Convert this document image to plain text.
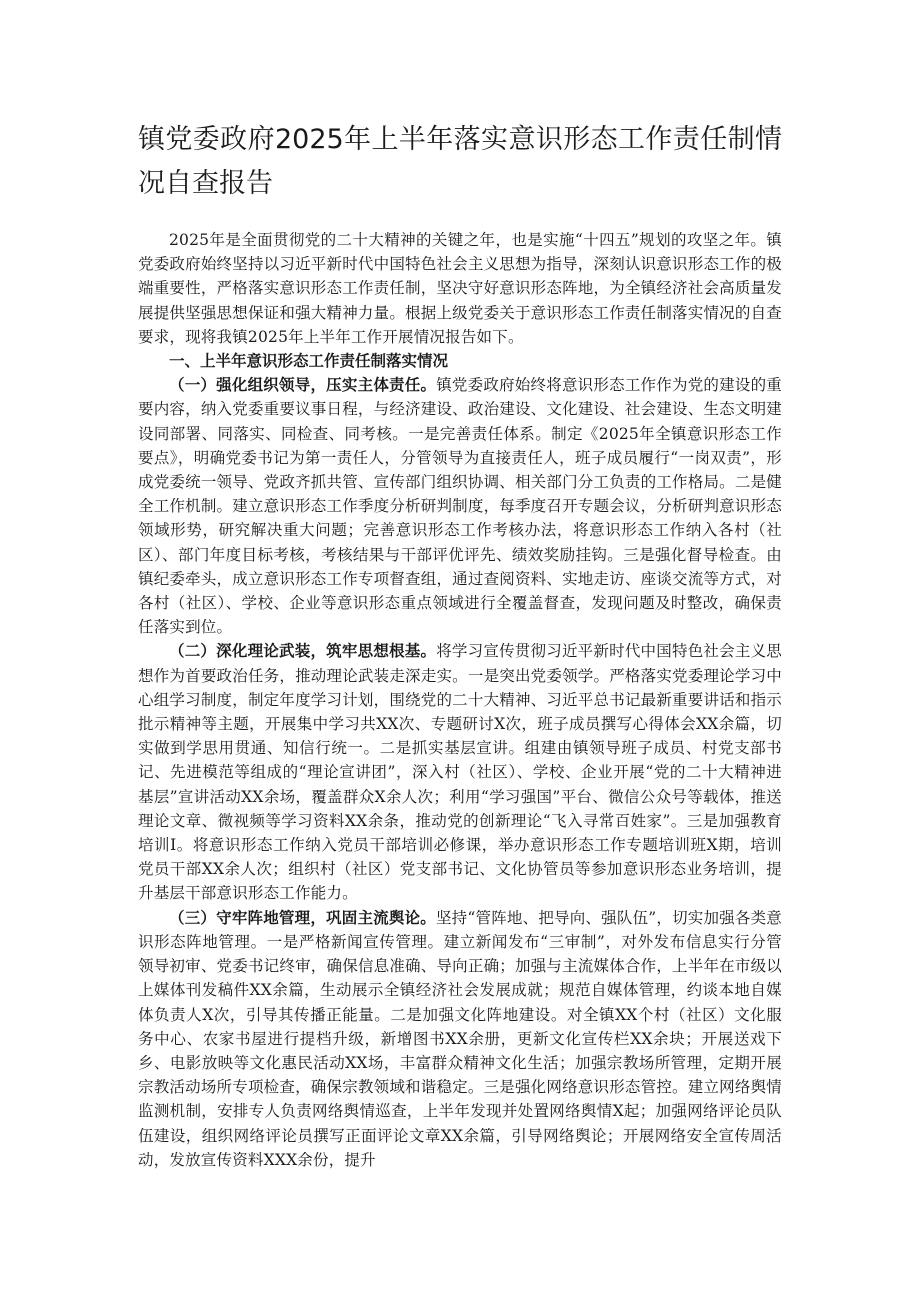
镇党委政府2025年上半年落实意识形态工作责任制情况自查报告

2025年是全面贯彻党的二十大精神的关键之年，也是实施“十四五”规划的攻坚之年。镇党委政府始终坚持以习近平新时代中国特色社会主义思想为指导，深刻认识意识形态工作的极端重要性，严格落实意识形态工作责任制，坚决守好意识形态阵地，为全镇经济社会高质量发展提供坚强思想保证和强大精神力量。根据上级党委关于意识形态工作责任制落实情况的自查要求，现将我镇2025年上半年工作开展情况报告如下。

一、上半年意识形态工作责任制落实情况

（一）强化组织领导，压实主体责任。镇党委政府始终将意识形态工作作为党的建设的重要内容，纳入党委重要议事日程，与经济建设、政治建设、文化建设、社会建设、生态文明建设同部署、同落实、同检查、同考核。一是完善责任体系。制定《2025年全镇意识形态工作要点》，明确党委书记为第一责任人，分管领导为直接责任人，班子成员履行“一岗双责”，形成党委统一领导、党政齐抓共管、宣传部门组织协调、相关部门分工负责的工作格局。二是健全工作机制。建立意识形态工作季度分析研判制度，每季度召开专题会议，分析研判意识形态领域形势，研究解决重大问题；完善意识形态工作考核办法，将意识形态工作纳入各村（社区）、部门年度目标考核，考核结果与干部评优评先、绩效奖励挂钩。三是强化督导检查。由镇纪委牵头，成立意识形态工作专项督查组，通过查阅资料、实地走访、座谈交流等方式，对各村（社区）、学校、企业等意识形态重点领域进行全覆盖督查，发现问题及时整改，确保责任落实到位。

（二）深化理论武装，筑牢思想根基。将学习宣传贯彻习近平新时代中国特色社会主义思想作为首要政治任务，推动理论武装走深走实。一是突出党委领学。严格落实党委理论学习中心组学习制度，制定年度学习计划，围绕党的二十大精神、习近平总书记最新重要讲话和指示批示精神等主题，开展集中学习共XX次、专题研讨X次，班子成员撰写心得体会XX余篇，切实做到学思用贯通、知信行统一。二是抓实基层宣讲。组建由镇领导班子成员、村党支部书记、先进模范等组成的“理论宣讲团”，深入村（社区）、学校、企业开展“党的二十大精神进基层”宣讲活动XX余场，覆盖群众X余人次；利用“学习强国”平台、微信公众号等载体，推送理论文章、微视频等学习资料XX余条，推动党的创新理论“飞入寻常百姓家”。三是加强教育培训I。将意识形态工作纳入党员干部培训必修课，举办意识形态工作专题培训班X期，培训党员干部XX余人次；组织村（社区）党支部书记、文化协管员等参加意识形态业务培训，提升基层干部意识形态工作能力。

（三）守牢阵地管理，巩固主流舆论。坚持“管阵地、把导向、强队伍”，切实加强各类意识形态阵地管理。一是严格新闻宣传管理。建立新闻发布“三审制”，对外发布信息实行分管领导初审、党委书记终审，确保信息准确、导向正确；加强与主流媒体合作，上半年在市级以上媒体刊发稿件XX余篇，生动展示全镇经济社会发展成就；规范自媒体管理，约谈本地自媒体负责人X次，引导其传播正能量。二是加强文化阵地建设。对全镇XX个村（社区）文化服务中心、农家书屋进行提档升级，新增图书XX余册，更新文化宣传栏XX余块；开展送戏下乡、电影放映等文化惠民活动XX场，丰富群众精神文化生活；加强宗教场所管理，定期开展宗教活动场所专项检查，确保宗教领域和谐稳定。三是强化网络意识形态管控。建立网络舆情监测机制，安排专人负责网络舆情巡查，上半年发现并处置网络舆情X起；加强网络评论员队伍建设，组织网络评论员撰写正面评论文章XX余篇，引导网络舆论；开展网络安全宣传周活动，发放宣传资料XXX余份，提升
